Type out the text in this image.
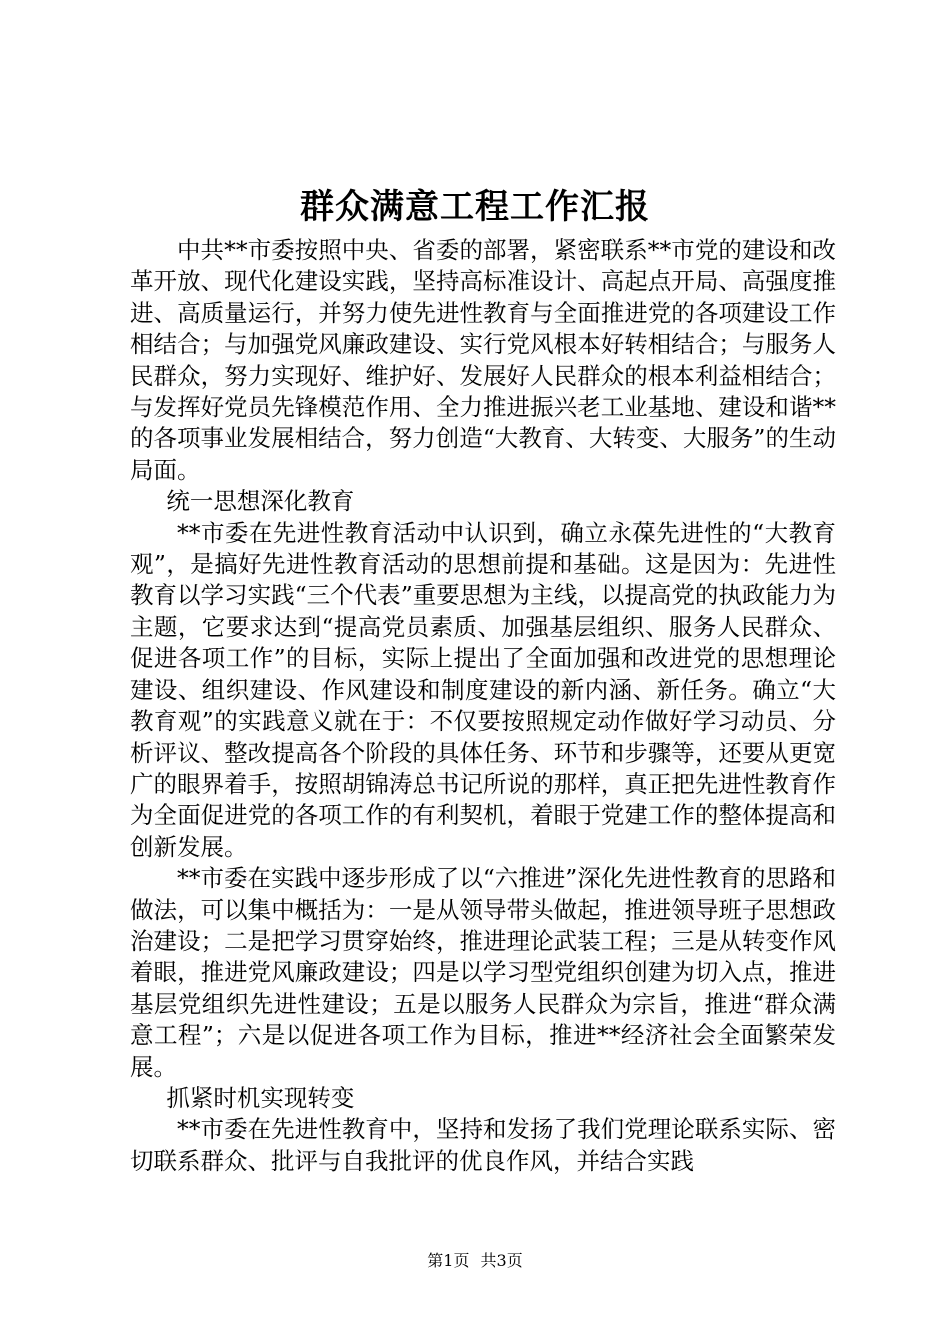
群众满意工程工作汇报

中共**市委按照中央、省委的部署，紧密联系**市党的建设和改革开放、现代化建设实践，坚持高标准设计、高起点开局、高强度推进、高质量运行，并努力使先进性教育与全面推进党的各项建设工作相结合；与加强党风廉政建设、实行党风根本好转相结合；与服务人民群众，努力实现好、维护好、发展好人民群众的根本利益相结合；与发挥好党员先锋模范作用、全力推进振兴老工业基地、建设和谐**的各项事业发展相结合，努力创造“大教育、大转变、大服务”的生动局面。

统一思想深化教育

**市委在先进性教育活动中认识到，确立永葆先进性的“大教育观”，是搞好先进性教育活动的思想前提和基础。这是因为：先进性教育以学习实践“三个代表”重要思想为主线，以提高党的执政能力为主题，它要求达到“提高党员素质、加强基层组织、服务人民群众、促进各项工作”的目标，实际上提出了全面加强和改进党的思想理论建设、组织建设、作风建设和制度建设的新内涵、新任务。确立“大教育观”的实践意义就在于：不仅要按照规定动作做好学习动员、分析评议、整改提高各个阶段的具体任务、环节和步骤等，还要从更宽广的眼界着手，按照胡锦涛总书记所说的那样，真正把先进性教育作为全面促进党的各项工作的有利契机，着眼于党建工作的整体提高和创新发展。

**市委在实践中逐步形成了以“六推进”深化先进性教育的思路和做法，可以集中概括为：一是从领导带头做起，推进领导班子思想政治建设；二是把学习贯穿始终，推进理论武装工程；三是从转变作风着眼，推进党风廉政建设；四是以学习型党组织创建为切入点，推进基层党组织先进性建设；五是以服务人民群众为宗旨，推进“群众满意工程”；六是以促进各项工作为目标，推进**经济社会全面繁荣发展。

抓紧时机实现转变

**市委在先进性教育中，坚持和发扬了我们党理论联系实际、密切联系群众、批评与自我批评的优良作风，并结合实践

第1页 共3页
